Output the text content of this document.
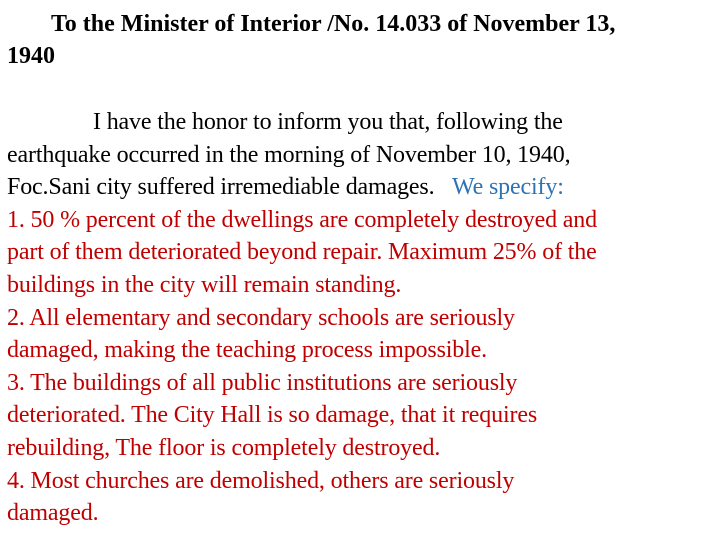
To the Minister of Interior /No. 14.033 of November 13,
1940
I have the honor to inform you that, following the
earthquake occurred in the morning of November 10, 1940,
Foc.Sani city suffered irremediable damages. We specify:
1. 50 % percent of the dwellings are completely destroyed and
part of them deteriorated beyond repair. Maximum 25% of the
buildings in the city will remain standing.
2. All elementary and secondary schools are seriously
damaged, making the teaching process impossible.
3. The buildings of all public institutions are seriously
deteriorated. The City Hall is so damage, that it requires
rebuilding, The floor is completely destroyed.
4. Most churches are demolished, others are seriously
damaged.
